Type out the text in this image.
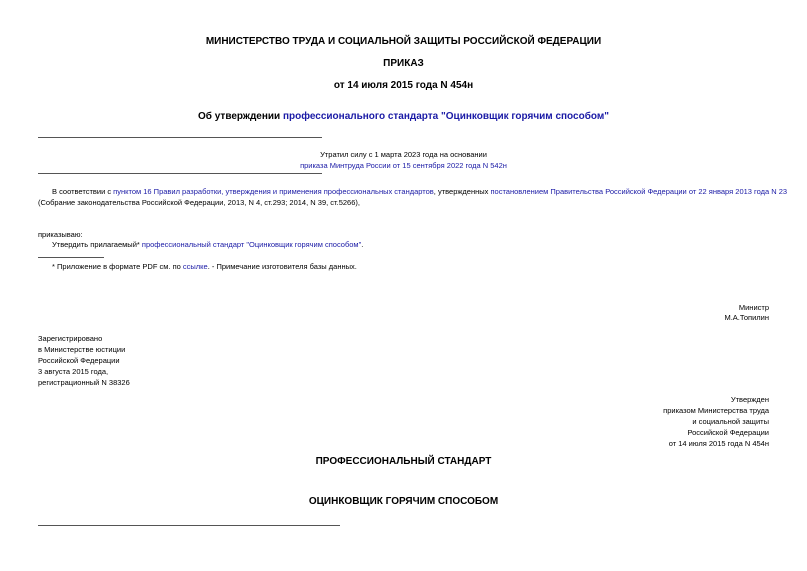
МИНИСТЕРСТВО ТРУДА И СОЦИАЛЬНОЙ ЗАЩИТЫ РОССИЙСКОЙ ФЕДЕРАЦИИ
ПРИКАЗ
от 14 июля 2015 года N 454н
Об утверждении профессионального стандарта "Оцинковщик горячим способом"
Утратил силу с 1 марта 2023 года на основании
приказа Минтруда России от 15 сентября 2022 года N 542н
В соответствии с пунктом 16 Правил разработки, утверждения и применения профессиональных стандартов, утвержденных постановлением Правительства Российской Федерации от 22 января 2013 года N 23
(Собрание законодательства Российской Федерации, 2013, N 4, ст.293; 2014, N 39, ст.5266),
приказываю:
Утвердить прилагаемый* профессиональный стандарт "Оцинковщик горячим способом".
* Приложение в формате PDF см. по ссылке. - Примечание изготовителя базы данных.
Министр
М.А.Топилин
Зарегистрировано
в Министерстве юстиции
Российской Федерации
3 августа 2015 года,
регистрационный N 38326
Утвержден
приказом Министерства труда
и социальной защиты
Российской Федерации
от 14 июля 2015 года N 454н
ПРОФЕССИОНАЛЬНЫЙ СТАНДАРТ
ОЦИНКОВЩИК ГОРЯЧИМ СПОСОБОМ
